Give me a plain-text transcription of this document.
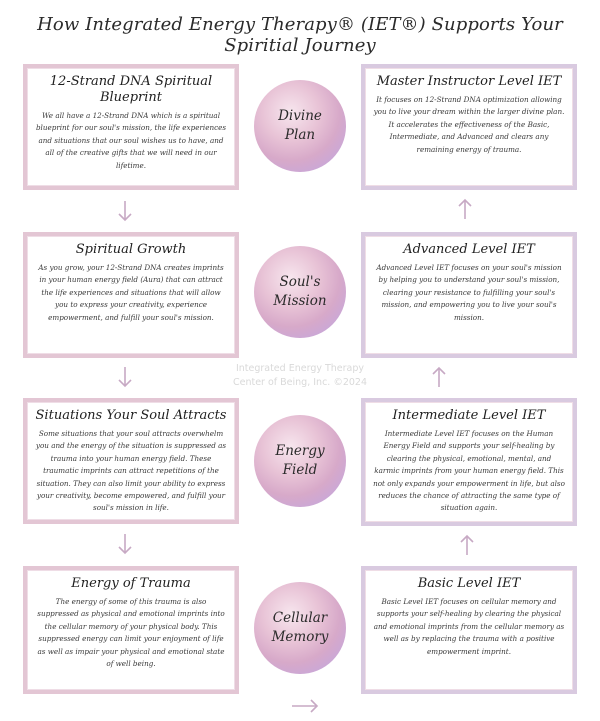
How Integrated Energy Therapy® (IET®) Supports Your Spiritial Journey
12-Strand DNA Spiritual Blueprint

We all have a 12-Strand DNA which is a spiritual blueprint for our soul's mission, the life experiences and situations that our soul wishes us to have, and all of the creative gifts that we will need in our lifetime.

Spiritual Growth

As you grow, your 12-Strand DNA creates imprints in your human energy field (Aura) that can attract the life experiences and situations that will allow you to express your creativity, experience empowerment, and fulfill your soul's mission.

Situations Your Soul Attracts

Some situations that your soul attracts overwhelm you and the energy of the situation is suppressed as trauma into your human energy field. These traumatic imprints can attract repetitions of the situation. They can also limit your ability to express your creativity, become empowered, and fulfill your soul's mission in life.

Energy of Trauma

The energy of some of this trauma is also suppressed as physical and emotional imprints into the cellular memory of your physical body. This suppressed energy can limit your enjoyment of life as well as impair your physical and emotional state of well being.

Divine
Plan
Soul's
Mission
Energy
Field
Cellular
Memory
Integrated Energy Therapy
Center of Being, Inc. ©2024
Master Instructor Level IET

It focuses on 12-Strand DNA optimization allowing you to live your dream within the larger divine plan. It accelerates the effectiveness of the Basic, Intermediate, and Advanced and clears any remaining energy of trauma.

Advanced Level IET

Advanced Level IET focuses on your soul's mission by helping you to understand your soul's mission, clearing your resistance to fulfilling your soul's mission, and empowering you to live your soul's mission.

Intermediate Level IET

Intermediate Level IET focuses on the Human Energy Field and supports your self-healing by clearing the physical, emotional, mental, and karmic imprints from your human energy field. This not only expands your empowerment in life, but also reduces the chance of attracting the same type of situation again.

Basic Level IET

Basic Level IET focuses on cellular memory and supports your self-healing by clearing the physical and emotional imprints from the cellular memory as well as by replacing the trauma with a positive empowerment imprint.
